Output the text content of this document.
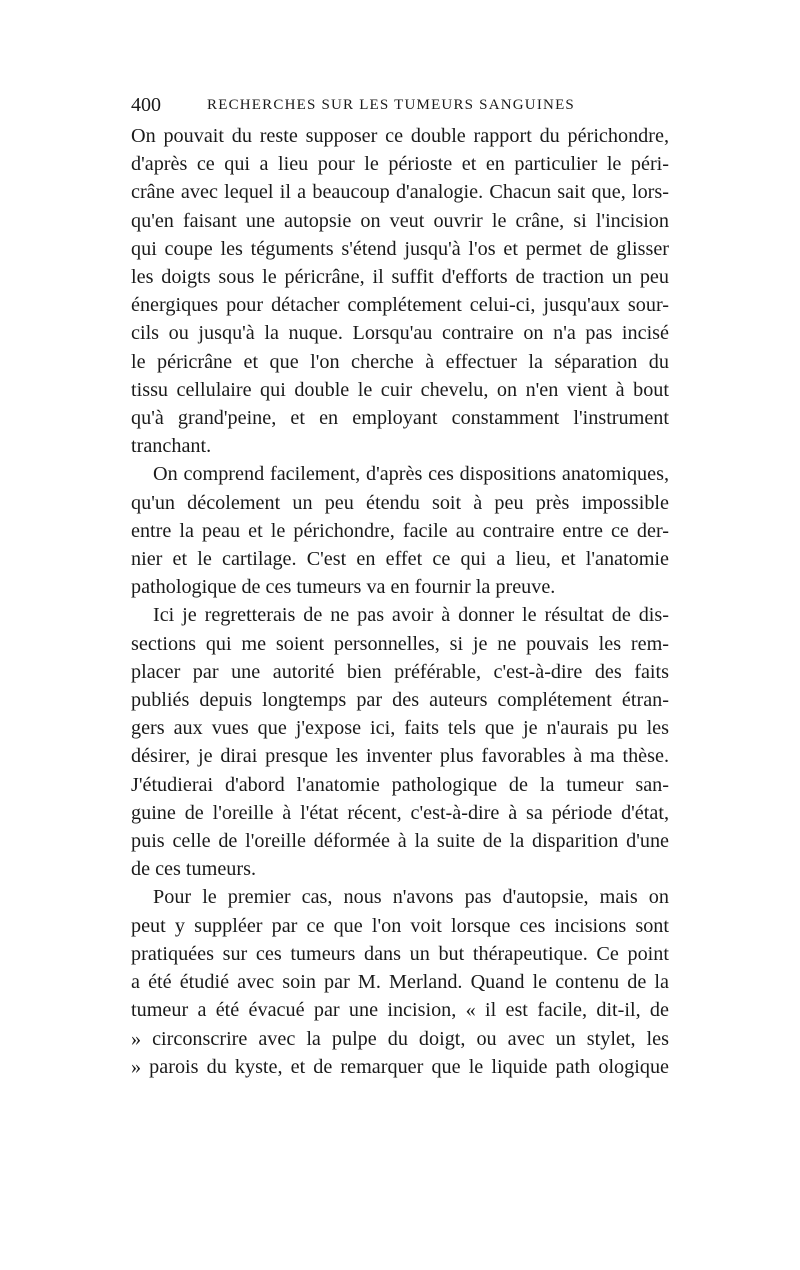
400	RECHERCHES SUR LES TUMEURS SANGUINES
On pouvait du reste supposer ce double rapport du périchondre,
d'après ce qui a lieu pour le périoste et en particulier le péri-
crâne avec lequel il a beaucoup d'analogie. Chacun sait que, lors-
qu'en faisant une autopsie on veut ouvrir le crâne, si l'incision
qui coupe les téguments s'étend jusqu'à l'os et permet de glisser
les doigts sous le péricrâne, il suffit d'efforts de traction un peu
énergiques pour détacher complétement celui-ci, jusqu'aux sour-
cils ou jusqu'à la nuque. Lorsqu'au contraire on n'a pas incisé
le péricrâne et que l'on cherche à effectuer la séparation du
tissu cellulaire qui double le cuir chevelu, on n'en vient à bout
qu'à grand'peine, et en employant constamment l'instrument
tranchant.
On comprend facilement, d'après ces dispositions anatomiques,
qu'un décolement un peu étendu soit à peu près impossible
entre la peau et le périchondre, facile au contraire entre ce der-
nier et le cartilage. C'est en effet ce qui a lieu, et l'anatomie
pathologique de ces tumeurs va en fournir la preuve.
Ici je regretterais de ne pas avoir à donner le résultat de dis-
sections qui me soient personnelles, si je ne pouvais les rem-
placer par une autorité bien préférable, c'est-à-dire des faits
publiés depuis longtemps par des auteurs complétement étran-
gers aux vues que j'expose ici, faits tels que je n'aurais pu les
désirer, je dirai presque les inventer plus favorables à ma thèse.
J'étudierai d'abord l'anatomie pathologique de la tumeur san-
guine de l'oreille à l'état récent, c'est-à-dire à sa période d'état,
puis celle de l'oreille déformée à la suite de la disparition d'une
de ces tumeurs.
Pour le premier cas, nous n'avons pas d'autopsie, mais on
peut y suppléer par ce que l'on voit lorsque ces incisions sont
pratiquées sur ces tumeurs dans un but thérapeutique. Ce point
a été étudié avec soin par M. Merland. Quand le contenu de la
tumeur a été évacué par une incision, « il est facile, dit-il, de
» circonscrire avec la pulpe du doigt, ou avec un stylet, les
» parois du kyste, et de remarquer que le liquide path ologique
